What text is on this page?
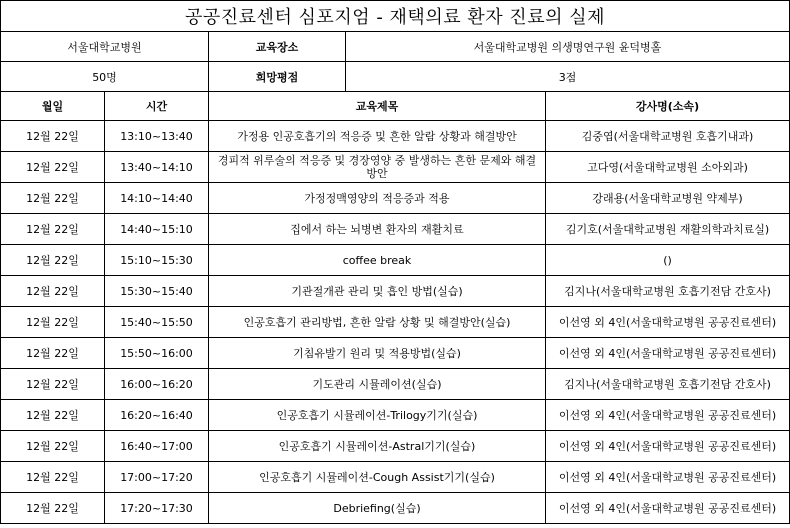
공공진료센터 심포지엄 - 재택의료 환자 진료의 실제				
서울대학교병원		교육장소	서울대학교병원 의생명연구원 윤덕병홀	
50명		희망평점	3점	
월일	시간	교육제목		강사명(소속)
12월 22일	13:10~13:40	가정용 인공호흡기의 적응증 및 흔한 알람 상황과 해결방안		김중엽(서울대학교병원 호흡기내과)
12월 22일	13:40~14:10	경피적 위루술의 적응증 및 경장영양 중 발생하는 흔한 문제와 해결방안		고다영(서울대학교병원 소아외과)
12월 22일	14:10~14:40	가정정맥영양의 적응증과 적용		강래용(서울대학교병원 약제부)
12월 22일	14:40~15:10	집에서 하는 뇌병변 환자의 재활치료		김기호(서울대학교병원 재활의학과치료실)
12월 22일	15:10~15:30	coffee break		()
12월 22일	15:30~15:40	기관절개관 관리 및 흡인 방법(실습)		김지나(서울대학교병원 호흡기전담 간호사)
12월 22일	15:40~15:50	인공호흡기 관리방법, 흔한 알람 상황 및 해결방안(실습)		이선영 외 4인(서울대학교병원 공공진료센터)
12월 22일	15:50~16:00	기침유발기 원리 및 적용방법(실습)		이선영 외 4인(서울대학교병원 공공진료센터)
12월 22일	16:00~16:20	기도관리 시뮬레이션(실습)		김지나(서울대학교병원 호흡기전담 간호사)
12월 22일	16:20~16:40	인공호흡기 시뮬레이션-Trilogy기기(실습)		이선영 외 4인(서울대학교병원 공공진료센터)
12월 22일	16:40~17:00	인공호흡기 시뮬레이션-Astral기기(실습)		이선영 외 4인(서울대학교병원 공공진료센터)
12월 22일	17:00~17:20	인공호흡기 시뮬레이션-Cough Assist기기(실습)		이선영 외 4인(서울대학교병원 공공진료센터)
12월 22일	17:20~17:30	Debriefing(실습)		이선영 외 4인(서울대학교병원 공공진료센터)
